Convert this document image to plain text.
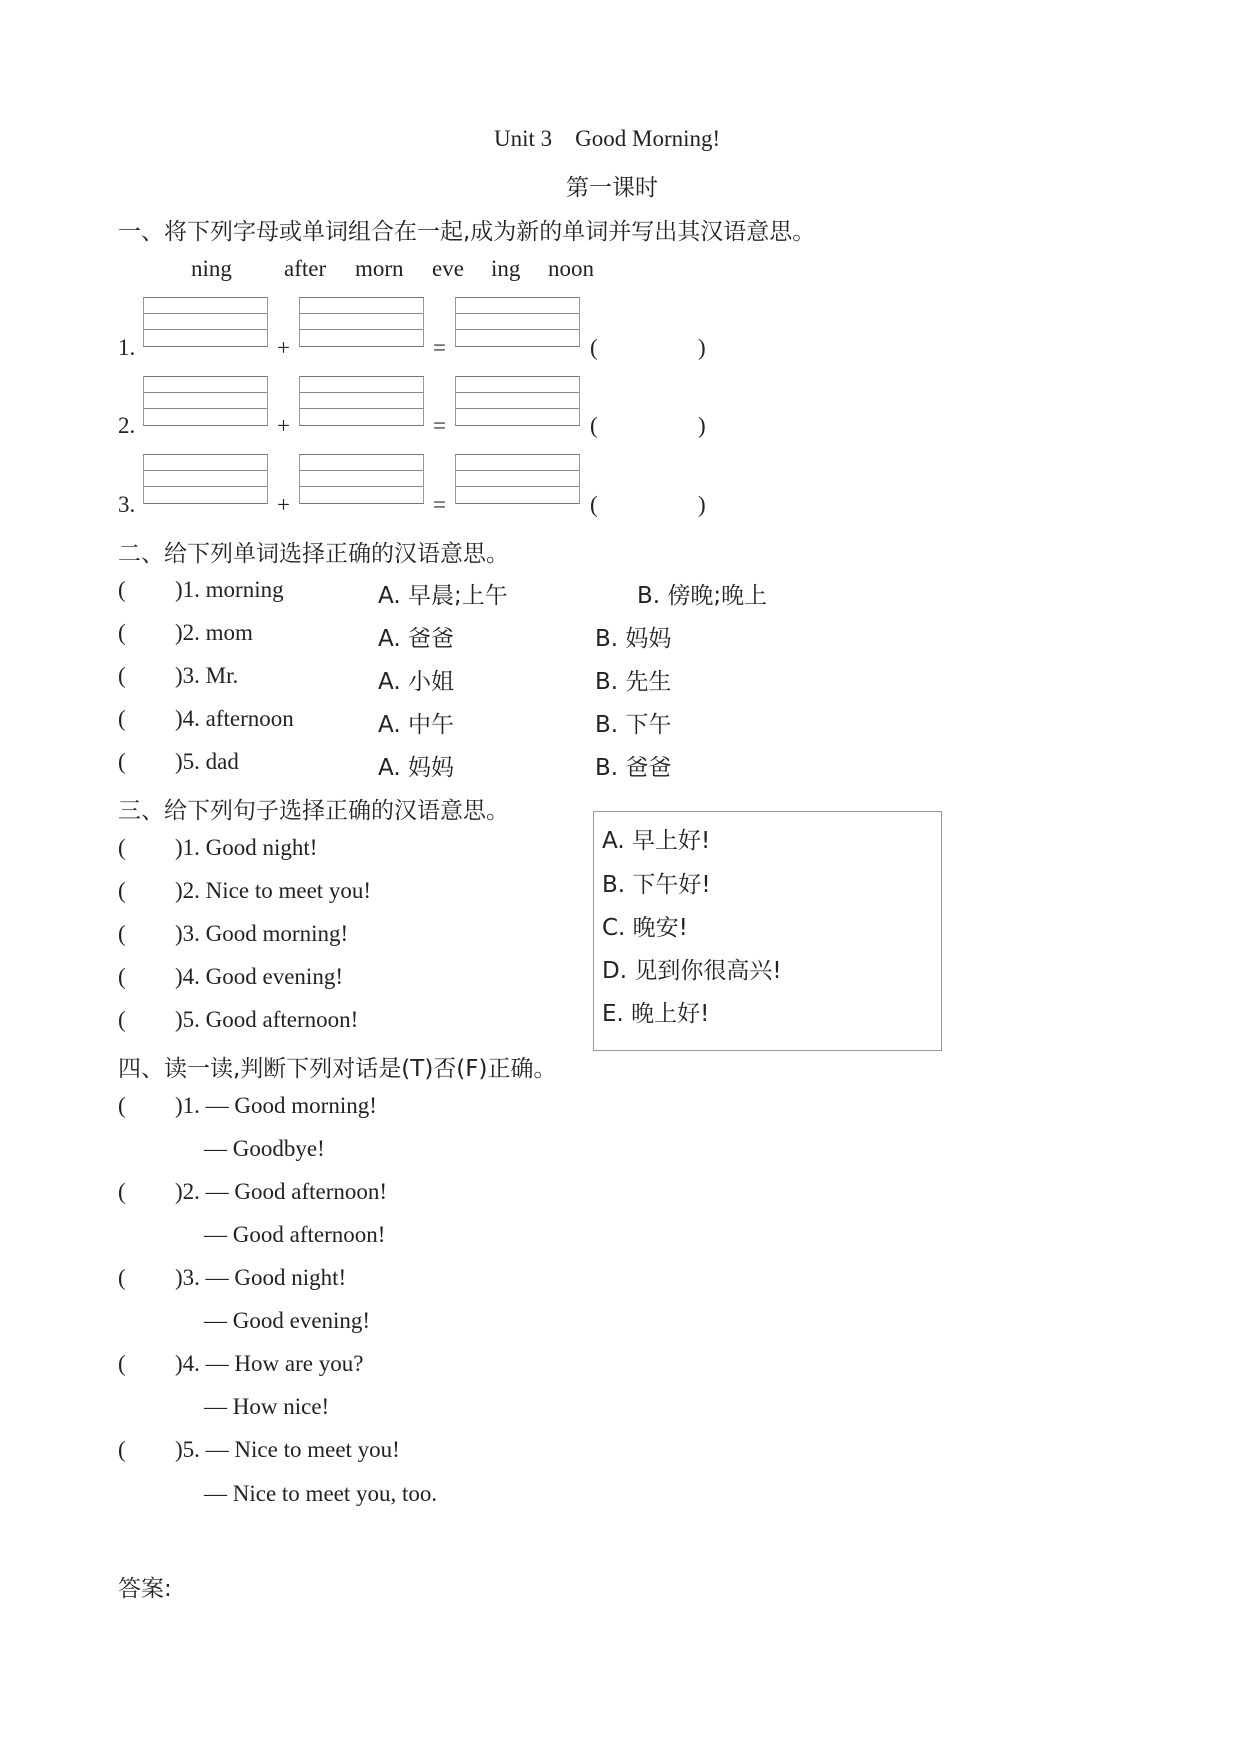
Unit 3    Good Morning!
第一课时
一、将下列字母或单词组合在一起,成为新的单词并写出其汉语意思。
ning after morn eve ing noon
1.	+	=	(	)
2.	+	=	(	)
3.	+	=	(	)
二、给下列单词选择正确的汉语意思。
( )1. morning	A. 早晨;上午	B. 傍晚;晚上
( )2. mom	A. 爸爸	B. 妈妈
( )3. Mr.	A. 小姐	B. 先生
( )4. afternoon	A. 中午	B. 下午
( )5. dad	A. 妈妈	B. 爸爸
三、给下列句子选择正确的汉语意思。
( )1. Good night!
( )2. Nice to meet you!
( )3. Good morning!
( )4. Good evening!
( )5. Good afternoon!
A. 早上好!
B. 下午好!
C. 晚安!
D. 见到你很高兴!
E. 晚上好!
四、读一读,判断下列对话是(T)否(F)正确。
( )1. — Good morning!
— Goodbye!
( )2. — Good afternoon!
— Good afternoon!
( )3. — Good night!
— Good evening!
( )4. — How are you?
— How nice!
( )5. — Nice to meet you!
— Nice to meet you, too.
答案:
